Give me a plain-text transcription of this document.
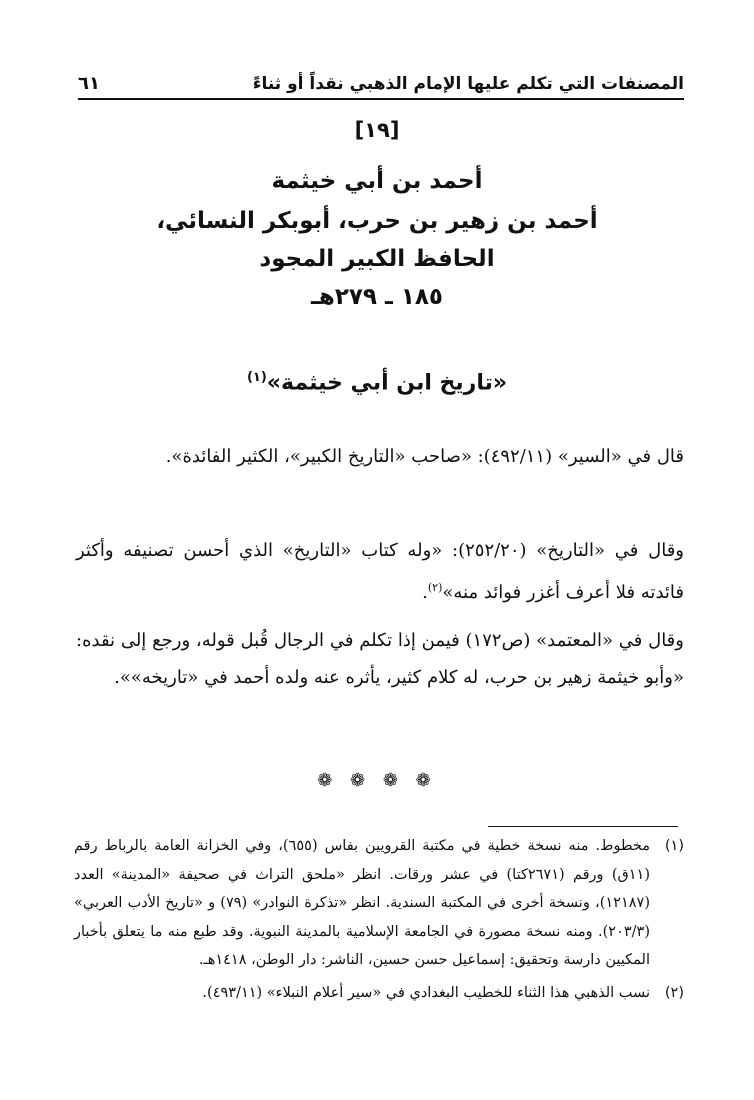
المصنفات التي تكلم عليها الإمام الذهبي نقداً أو ثناءً
٦١
[١٩]
أحمد بن أبي خيثمة
أحمد بن زهير بن حرب، أبوبكر النسائي،
الحافظ الكبير المجود
١٨٥ ـ ٢٧٩هـ
«تاريخ ابن أبي خيثمة»$^{(١)}$
قال في «السير» (٤٩٢/١١): «صاحب «التاريخ الكبير»، الكثير الفائدة».
وقال في «التاريخ» (٢٥٢/٢٠): «وله كتاب «التاريخ» الذي أحسن تصنيفه وأكثر فائدته فلا أعرف أغزر فوائد منه»$^{(٢)}$.
وقال في «المعتمد» (ص١٧٢) فيمن إذا تكلم في الرجال قُبل قوله، ورجع إلى نقده: «وأبو خيثمة زهير بن حرب، له كلام كثير، يأثره عنه ولده أحمد في «تاريخه»».
❁ ❁ ❁ ❁
(١)
مخطوط. منه نسخة خطية في مكتبة القرويين بفاس (٦٥٥)، وفي الخزانة العامة بالرباط رقم (١١ق) ورقم (٢٦٧١كتا) في عشر ورقات. انظر «ملحق التراث في صحيفة «المدينة» العدد (١٢١٨٧)، ونسخة أخرى في المكتبة السندية. انظر «تذكرة النوادر» (٧٩) و «تاريخ الأدب العربي» (٢٠٣/٣). ومنه نسخة مصورة في الجامعة الإسلامية بالمدينة النبوية. وقد طبع منه ما يتعلق بأخبار المكيين دارسة وتحقيق: إسماعيل حسن حسين، الناشر: دار الوطن، ١٤١٨هـ.
(٢)
نسب الذهبي هذا الثناء للخطيب البغدادي في «سير أعلام النبلاء» (٤٩٣/١١).
